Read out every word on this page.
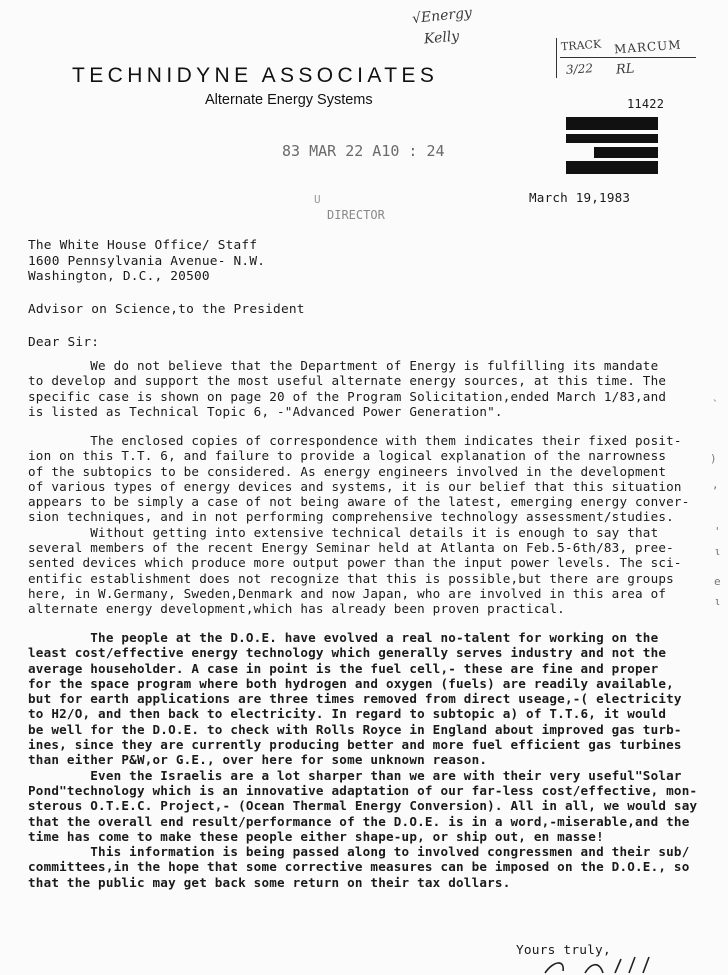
√Energy
Kelly	TRACK MARCUM
3/22 RL
TECHNIDYNE ASSOCIATES
Alternate Energy Systems	11422
83 MAR 22 A10 : 24
U
DIRECTOR
March 19,1983
The White House Office/ Staff
1600 Pennsylvania Avenue- N.W.
Washington, D.C., 20500
Advisor on Science,to the President
Dear Sir:
We do not believe that the Department of Energy is fulfilling its mandate
to develop and support the most useful alternate energy sources, at this time. The
specific case is shown on page 20 of the Program Solicitation,ended March 1/83,and
is listed as Technical Topic 6, -"Advanced Power Generation".
The enclosed copies of correspondence with them indicates their fixed posit-
ion on this T.T. 6, and failure to provide a logical explanation of the narrowness
of the subtopics to be considered. As energy engineers involved in the development
of various types of energy devices and systems, it is our belief that this situation
appears to be simply a case of not being aware of the latest, emerging energy conver-
sion techniques, and in not performing comprehensive technology assessment/studies.
Without getting into extensive technical details it is enough to say that
several members of the recent Energy Seminar held at Atlanta on Feb.5-6th/83, pree-
sented devices which produce more output power than the input power levels. The sci-
entific establishment does not recognize that this is possible,but there are groups
here, in W.Germany, Sweden,Denmark and now Japan, who are involved in this area of
alternate energy development,which has already been proven practical.
The people at the D.O.E. have evolved a real no-talent for working on the
least cost/effective energy technology which generally serves industry and not the
average householder. A case in point is the fuel cell,- these are fine and proper
for the space program where both hydrogen and oxygen (fuels) are readily available,
but for earth applications are three times removed from direct useage,-( electricity
to H2/O, and then back to electricity. In regard to subtopic a) of T.T.6, it would
be well for the D.O.E. to check with Rolls Royce in England about improved gas turb-
ines, since they are currently producing better and more fuel efficient gas turbines
than either P&W,or G.E., over here for some unknown reason.
Even the Israelis are a lot sharper than we are with their very useful"Solar
Pond"technology which is an innovative adaptation of our far-less cost/effective, mon-
sterous O.T.E.C. Project,- (Ocean Thermal Energy Conversion). All in all, we would say
that the overall end result/performance of the D.O.E. is in a word,-miserable,and the
time has come to make these people either shape-up, or ship out, en masse!
This information is being passed along to involved congressmen and their sub/
committees,in the hope that some corrective measures can be imposed on the D.O.E., so
that the public may get back some return on their tax dollars.
Yours truly,
`
)
‚
'
ι
e
ι
